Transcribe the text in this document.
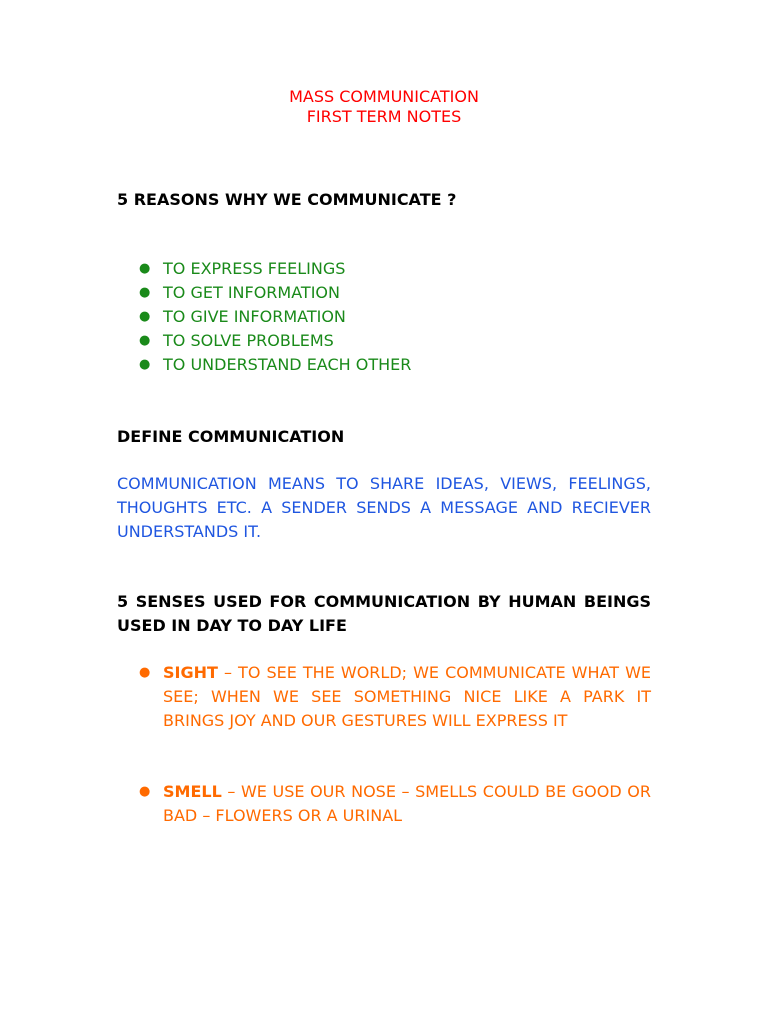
MASS COMMUNICATION
FIRST TERM NOTES
5 REASONS WHY WE COMMUNICATE ?
● TO EXPRESS FEELINGS
● TO GET INFORMATION
● TO GIVE INFORMATION
● TO SOLVE PROBLEMS
● TO UNDERSTAND EACH OTHER
DEFINE COMMUNICATION
COMMUNICATION MEANS TO SHARE IDEAS, VIEWS, FEELINGS, THOUGHTS ETC. A SENDER SENDS A MESSAGE AND RECIEVER UNDERSTANDS IT.
5 SENSES USED FOR COMMUNICATION BY HUMAN BEINGS USED IN DAY TO DAY LIFE
● SIGHT – TO SEE THE WORLD; WE COMMUNICATE WHAT WE SEE; WHEN WE SEE SOMETHING NICE LIKE A PARK IT BRINGS JOY AND OUR GESTURES WILL EXPRESS IT
● SMELL – WE USE OUR NOSE – SMELLS COULD BE GOOD OR BAD – FLOWERS OR A URINAL
